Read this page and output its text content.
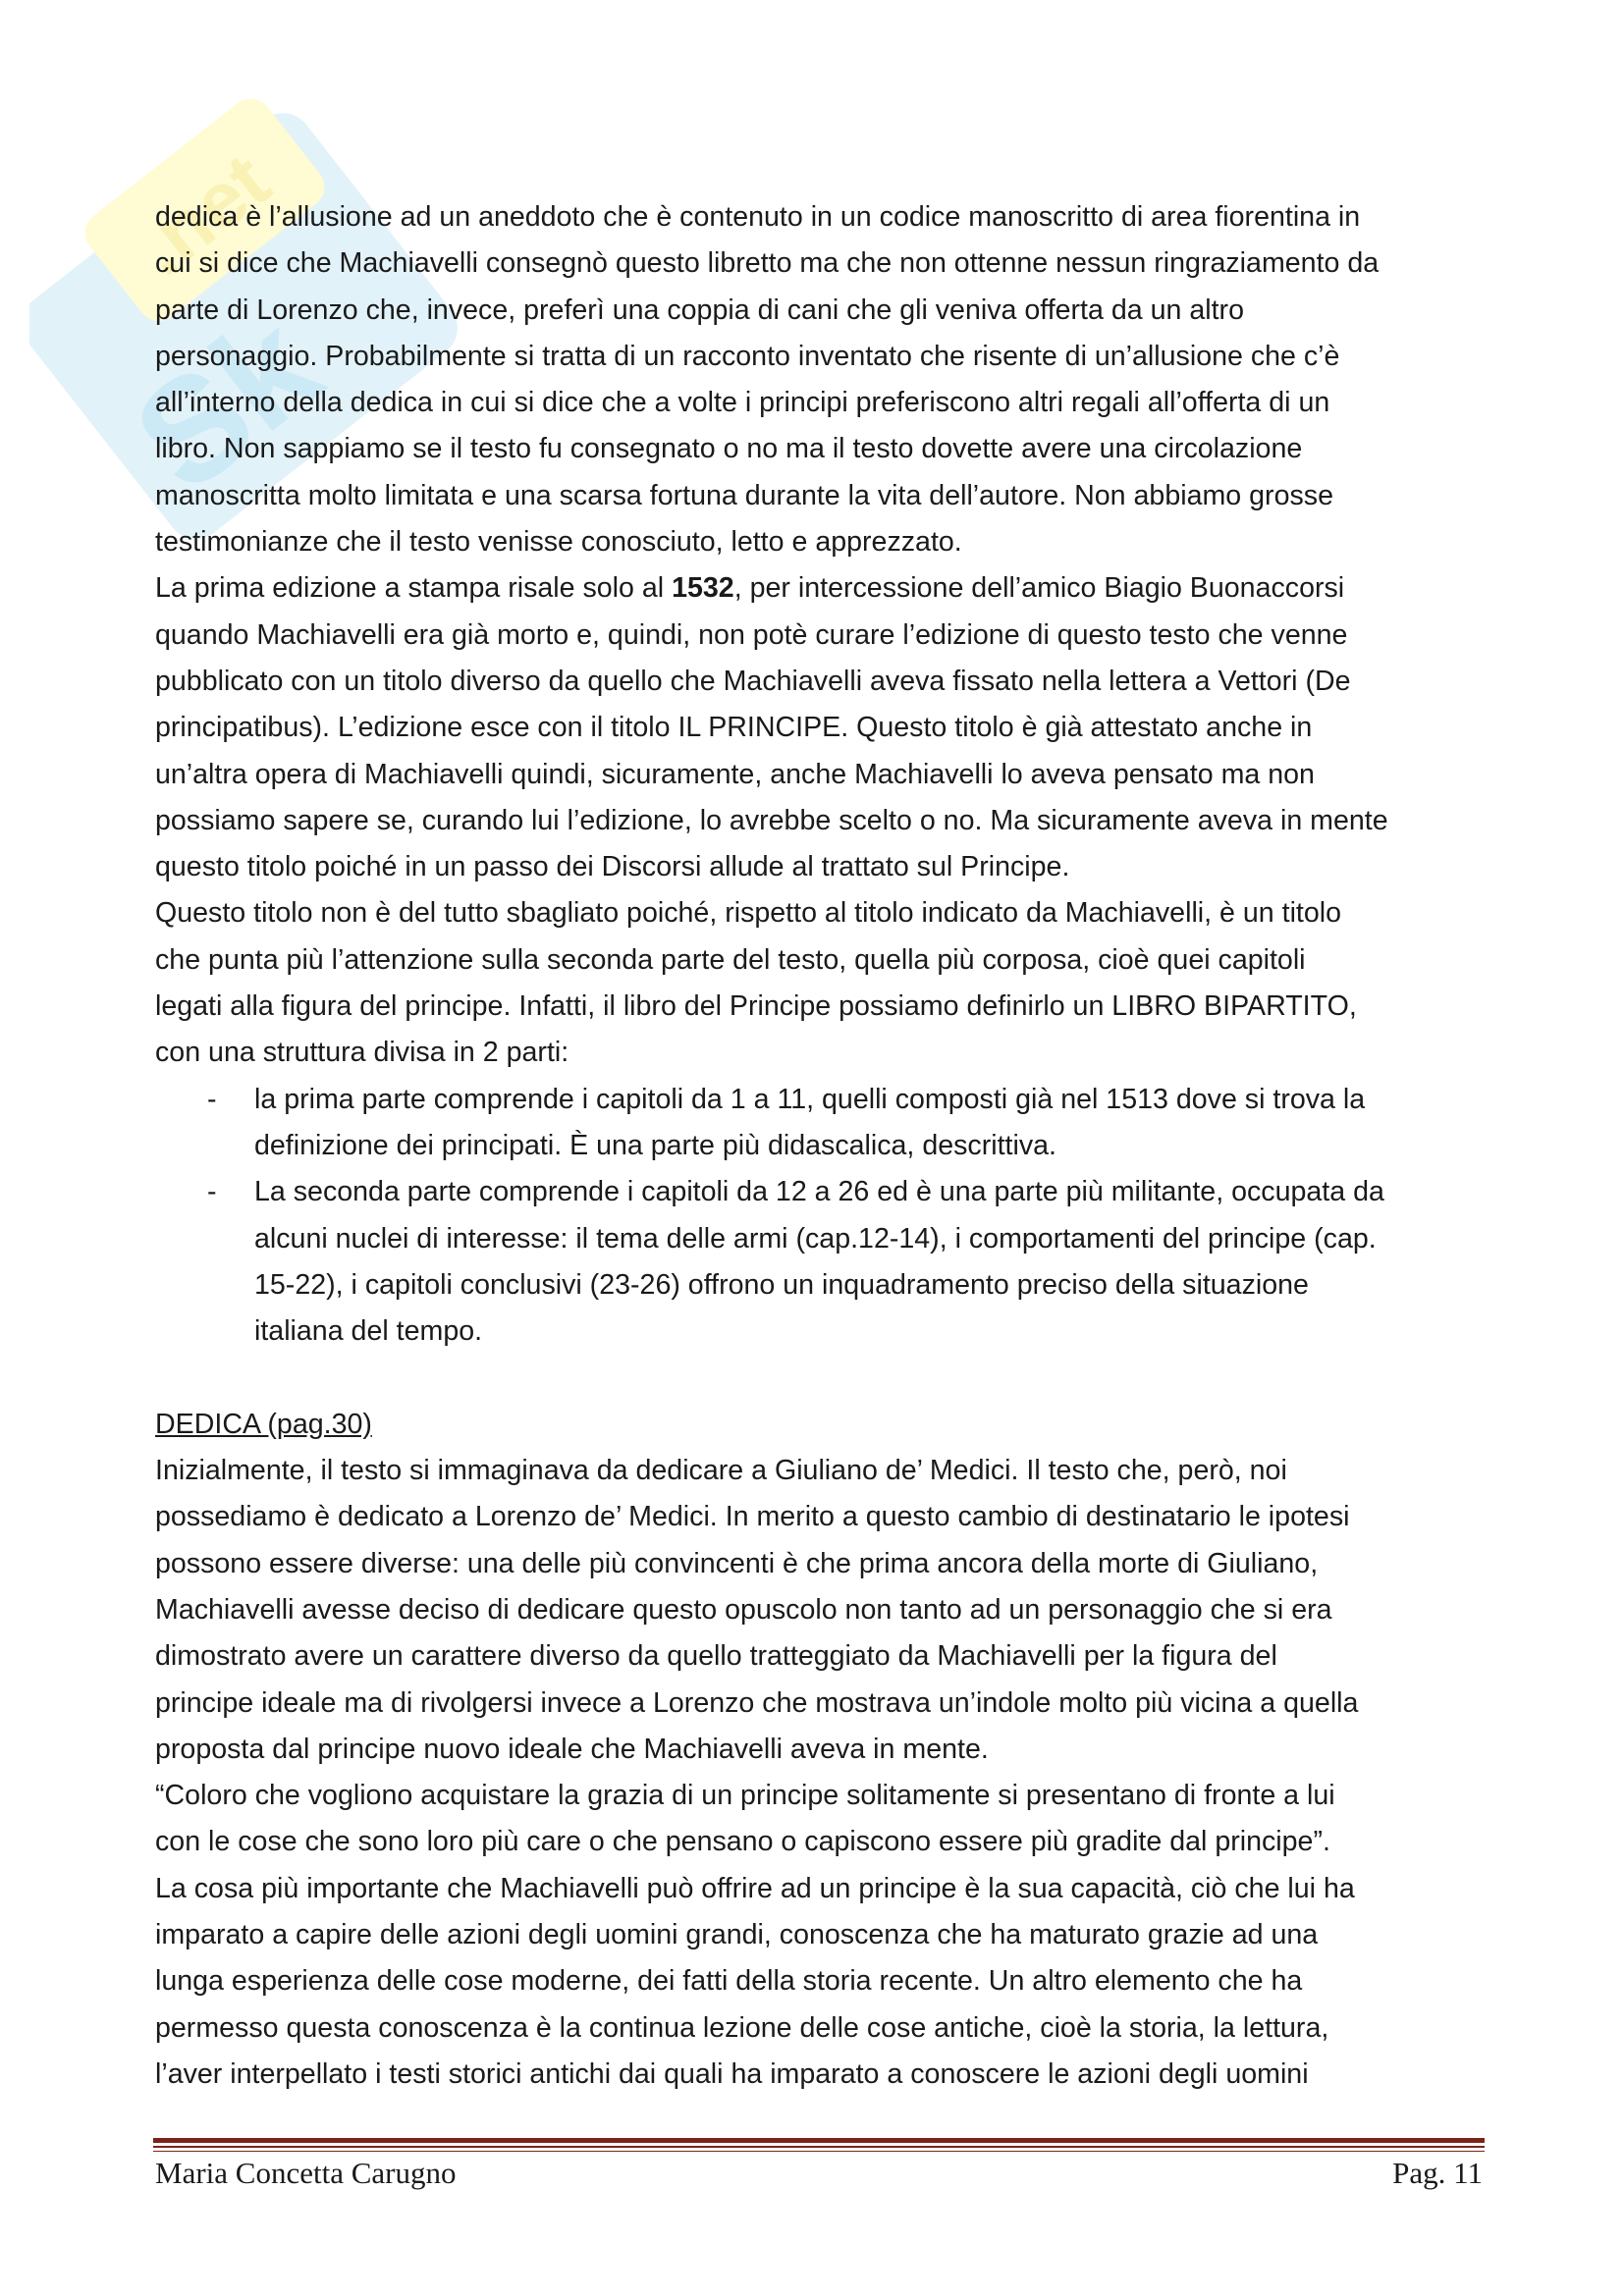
Sk
.net
dedica è l’allusione ad un aneddoto che è contenuto in un codice manoscritto di area fiorentina in
cui si dice che Machiavelli consegnò questo libretto ma che non ottenne nessun ringraziamento da
parte di Lorenzo che, invece, preferì una coppia di cani che gli veniva offerta da un altro
personaggio. Probabilmente si tratta di un racconto inventato che risente di un’allusione che c’è
all’interno della dedica in cui si dice che a volte i principi preferiscono altri regali all’offerta di un
libro. Non sappiamo se il testo fu consegnato o no ma il testo dovette avere una circolazione
manoscritta molto limitata e una scarsa fortuna durante la vita dell’autore. Non abbiamo grosse
testimonianze che il testo venisse conosciuto, letto e apprezzato.
La prima edizione a stampa risale solo al 1532, per intercessione dell’amico Biagio Buonaccorsi
quando Machiavelli era già morto e, quindi, non potè curare l’edizione di questo testo che venne
pubblicato con un titolo diverso da quello che Machiavelli aveva fissato nella lettera a Vettori (De
principatibus). L’edizione esce con il titolo IL PRINCIPE. Questo titolo è già attestato anche in
un’altra opera di Machiavelli quindi, sicuramente, anche Machiavelli lo aveva pensato ma non
possiamo sapere se, curando lui l’edizione, lo avrebbe scelto o no. Ma sicuramente aveva in mente
questo titolo poiché in un passo dei Discorsi allude al trattato sul Principe.
Questo titolo non è del tutto sbagliato poiché, rispetto al titolo indicato da Machiavelli, è un titolo
che punta più l’attenzione sulla seconda parte del testo, quella più corposa, cioè quei capitoli
legati alla figura del principe. Infatti, il libro del Principe possiamo definirlo un LIBRO BIPARTITO,
con una struttura divisa in 2 parti:
- la prima parte comprende i capitoli da 1 a 11, quelli composti già nel 1513 dove si trova la
definizione dei principati. È una parte più didascalica, descrittiva.
- La seconda parte comprende i capitoli da 12 a 26 ed è una parte più militante, occupata da
alcuni nuclei di interesse: il tema delle armi (cap.12-14), i comportamenti del principe (cap.
15-22), i capitoli conclusivi (23-26) offrono un inquadramento preciso della situazione
italiana del tempo.
DEDICA (pag.30)
Inizialmente, il testo si immaginava da dedicare a Giuliano de’ Medici. Il testo che, però, noi
possediamo è dedicato a Lorenzo de’ Medici. In merito a questo cambio di destinatario le ipotesi
possono essere diverse: una delle più convincenti è che prima ancora della morte di Giuliano,
Machiavelli avesse deciso di dedicare questo opuscolo non tanto ad un personaggio che si era
dimostrato avere un carattere diverso da quello tratteggiato da Machiavelli per la figura del
principe ideale ma di rivolgersi invece a Lorenzo che mostrava un’indole molto più vicina a quella
proposta dal principe nuovo ideale che Machiavelli aveva in mente.
“Coloro che vogliono acquistare la grazia di un principe solitamente si presentano di fronte a lui
con le cose che sono loro più care o che pensano o capiscono essere più gradite dal principe”.
La cosa più importante che Machiavelli può offrire ad un principe è la sua capacità, ciò che lui ha
imparato a capire delle azioni degli uomini grandi, conoscenza che ha maturato grazie ad una
lunga esperienza delle cose moderne, dei fatti della storia recente. Un altro elemento che ha
permesso questa conoscenza è la continua lezione delle cose antiche, cioè la storia, la lettura,
l’aver interpellato i testi storici antichi dai quali ha imparato a conoscere le azioni degli uomini
Maria Concetta Carugno	Pag. 11
